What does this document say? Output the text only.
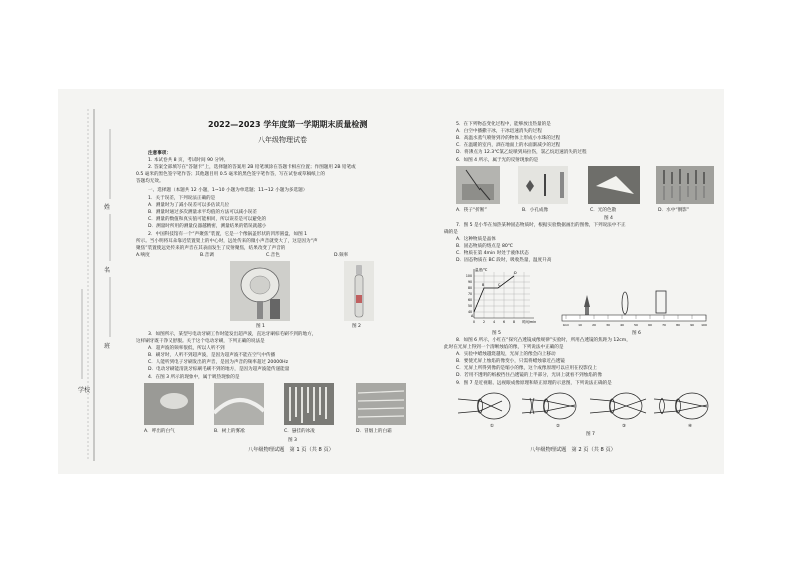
姓
名
班
学校
2022—2023 学年度第一学期期末质量检测
八年级物理试卷
注意事项：
1. 本试卷共 8 页，考试时间 90 分钟。
2. 答案全部填写在“答题卡”上，选择题的答案用 2B 铅笔填涂在答题卡相应位置；作图题用 2B 铅笔或
0.5 毫米的黑色签字笔作答；其他题目用 0.5 毫米的黑色签字笔作答，写在试卷或草稿纸上的
答题均无效。
一、选择题（本题共 12 小题，1~10 小题为单选题；11~12 小题为多选题）
1．关于误差，下列说法正确的是
A．测量时为了减小误差可以多估读几位
B．测量时通过多次测量求平均值的方法可以减小误差
C．测量的数值和真实值可能相同，所以误差是可以避免的
D．测量时所用的测量仪器越精密，测量结果的错误就越小
2．中国科技馆有一个“声聚焦”装置，它是一个像锅盖形状的凹形圆盘，如图 1
所示。当小明将耳朵靠近装置架上的中心时，远处传来的微小声音就变大了，这是因为“声
聚焦”装置使远处传来的声音在其表面发生了反射聚焦，结果改变了声音的
A.响度	B.音调	C.音色	D.频率
图 1	图 2
3．如图所示，某型号电动牙刷工作时能发出超声波，直达牙刷棕毛刷不到的地方，
这样刷牙既干净又舒服。关于这个电动牙刷，下列正确的说法是
A．超声波的频率很低，所以人听不到
B．刷牙时，人听不到超声波，是因为超声波不能在空气中传播
C．人能听到电子牙刷发出的声音，是因为声音的频率超过 20000Hz
D．电动牙刷能清洗牙棕刷毛刷不到的地方，是因为超声波能传递能量
4．在图 3 所示的现象中，属于吸热现象的是
A．呼出的白气	B．树上的雾凇	C．悬挂的冰凌	D．冒烟上的白霜
图 3
八年级物理试题　第 1 页（共 8 页）
5．在下列物态变化过程中，能够放出热量的是
A．白空中播撒干冰，干冰迅速消失的过程
B．高温水蒸气喷射到冷的物体上形成小水珠的过程
C．在温暖的室内，酒在地面上的水面渐减少的过程
D．将沸点为 12.3℃氯乙烷喷到局拉伤，氯乙烷迅速消失的过程
6．如图 4 所示，属于光的反射现象的是
A．筷子“折断”	B．小孔成像	C．光的色散	D．水中“倒影”
图 4
7．图 5 是小华在加热某种固态物质时，根据实验数据画出的图像，下列说法中不正
确的是
A．这种物质是晶体
B．固态物质的熔点是 80℃
C．物质在第 4min 时处于液体状态
D．固态物质在 BC 段时，吸收热量，温度升高
温度/℃
时间/min
100
90
80
70
60
50
40
0 2 4 6 8
A
B	C
D
图 5
0cm	10	20	30	40	50	60	70	80	90 100
图 6
8．如图 6 所示，小红在“探究凸透镜成像规律”实验时，所用凸透镜的焦距为 12cm，
此时在光屏上得到一个清晰烛焰的像，下列说法中正确的是
A．实验中蜡烛越烧越短，光屏上的像会向上移动
B．要使光屏上烛焰的像变小，只需将蜡烛靠近凸透镜
C．光屏上所得到像的是缩小的像，这个成像原理可以应用在投影仪上
D．若用不透明的纸板挡住凸透镜的上半部分，光屏上就看不到烛焰的像
9．图 7 是近视眼、远视眼成像原理和矫正原理的示意图，下列说法正确的是
①	②	③	④
图 7
八年级物理试题　第 2 页（共 8 页）
